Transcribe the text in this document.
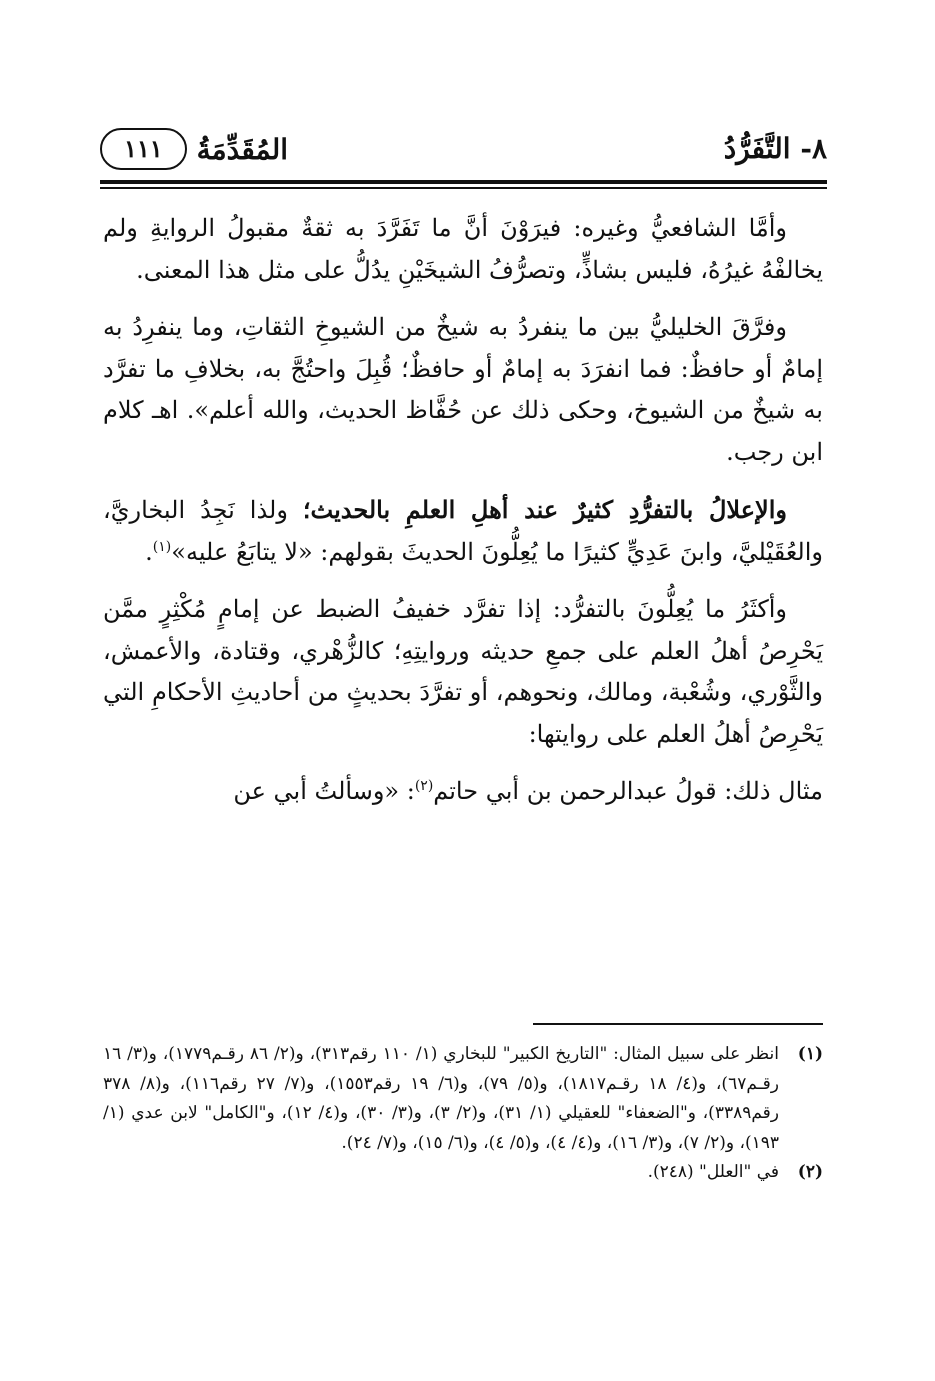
٨- التَّفَرُّدُ
المُقَدِّمَةُ
١١١

وأمَّا الشافعيُّ وغيره: فيرَوْنَ أنَّ ما تَفَرَّدَ به ثقةٌ مقبولُ الروايةِ ولم يخالفْهُ غيرُهُ، فليس بشاذٍّ، وتصرُّفُ الشيخَيْنِ يدُلُّ على مثل هذا المعنى.

وفرَّقَ الخليليُّ بين ما ينفردُ به شيخٌ من الشيوخِ الثقاتِ، وما ينفرِدُ به إمامٌ أو حافظٌ: فما انفرَدَ به إمامٌ أو حافظٌ؛ قُبِلَ واحتُجَّ به، بخلافِ ما تفرَّد به شيخٌ من الشيوخ، وحكى ذلك عن حُفَّاظ الحديث، والله أعلم». اهـ كلام ابن رجب.

والإعلالُ بالتفرُّدِ كثيرٌ عند أهلِ العلمِ بالحديث؛ ولذا نَجِدُ البخاريَّ، والعُقَيْليَّ، وابنَ عَدِيٍّ كثيرًا ما يُعِلُّونَ الحديثَ بقولهم: «لا يتابَعُ عليه»$^{(١)}$.

وأكثَرُ ما يُعِلُّونَ بالتفرُّد: إذا تفرَّد خفيفُ الضبط عن إمامٍ مُكْثِرٍ ممَّن يَحْرِصُ أهلُ العلم على جمعِ حديثه وروايتِهِ؛ كالزُّهْري، وقتادة، والأعمش، والثَّوْري، وشُعْبة، ومالك، ونحوهم، أو تفرَّدَ بحديثٍ من أحاديثِ الأحكامِ التي يَحْرِصُ أهلُ العلم على روايتها:

مثال ذلك: قولُ عبدالرحمن بن أبي حاتم$^{(٢)}$: «وسألتُ أبي عن

(١)
انظر على سبيل المثال: "التاريخ الكبير" للبخاري (١/ ١١٠ رقم٣١٣)، و(٢/ ٨٦ رقـم١٧٧٩)، و(٣/ ١٦ رقـم٦٧)، و(٤/ ١٨ رقـم١٨١٧)، و(٥/ ٧٩)، و(٦/ ١٩ رقم١٥٥٣)، و(٧/ ٢٧ رقم١١٦)، و(٨/ ٣٧٨ رقم٣٣٨٩)، و"الضعفاء" للعقيلي (١/ ٣١)، و(٢/ ٣)، و(٣/ ٣٠)، و(٤/ ١٢)، و"الكامل" لابن عدي (١/ ١٩٣)، و(٢/ ٧)، و(٣/ ١٦)، و(٤/ ٤)، و(٥/ ٤)، و(٦/ ١٥)، و(٧/ ٢٤).
(٢)
في "العلل" (٢٤٨).
